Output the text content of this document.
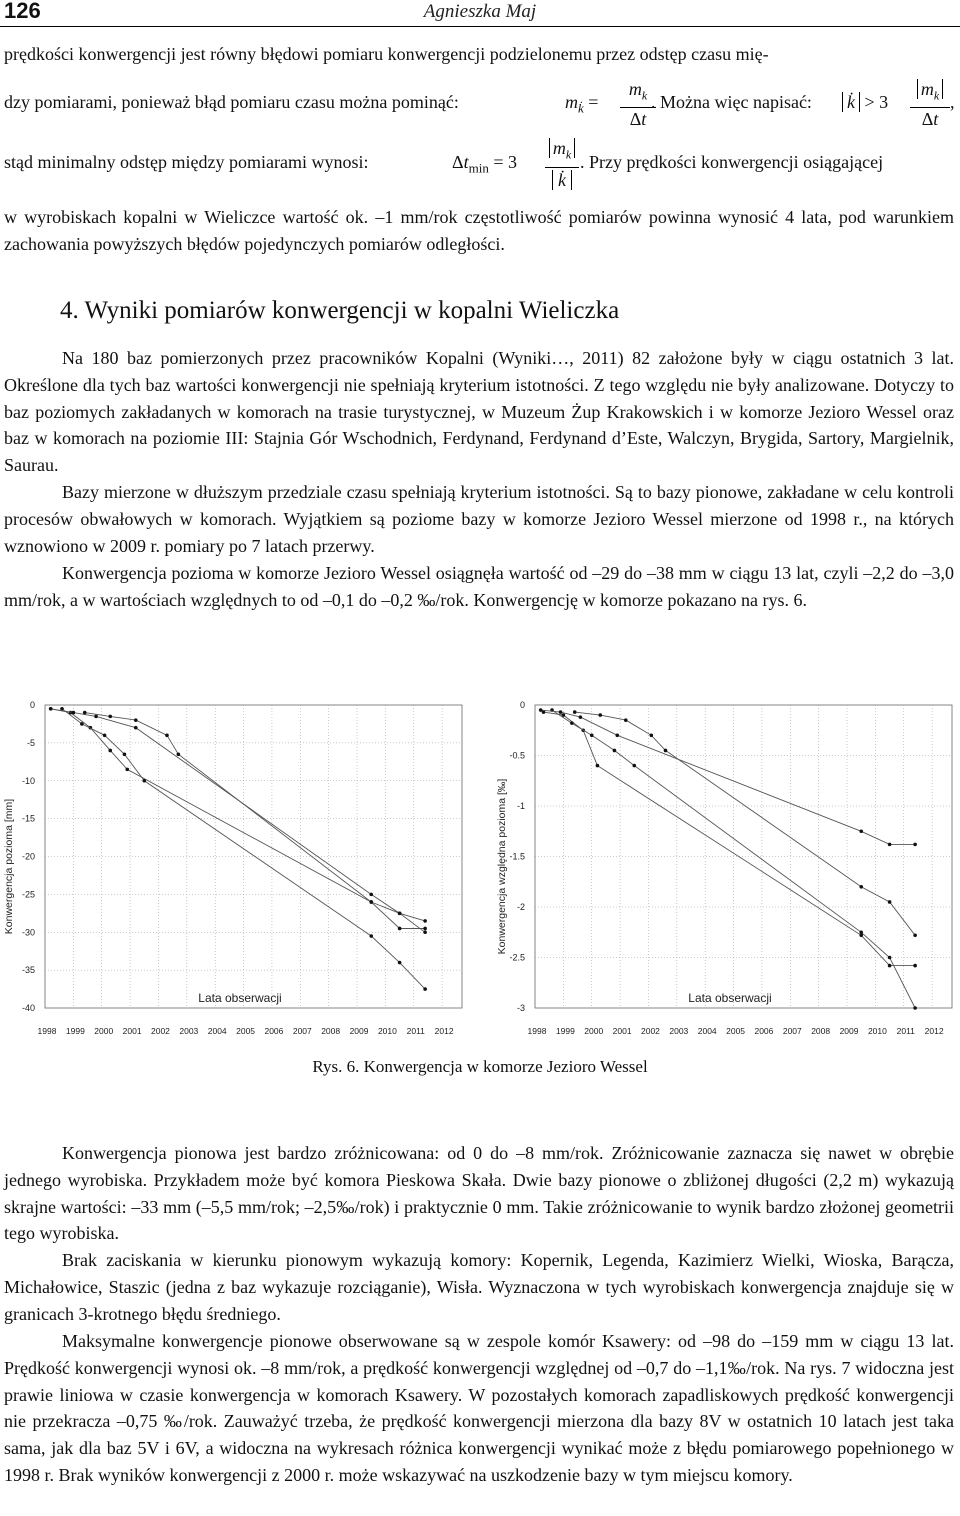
126	Agnieszka Maj
prędkości konwergencji jest równy błędowi pomiaru konwergencji podzielonemu przez odstęp czasu mię-
dzy pomiarami, ponieważ błąd pomiaru czasu można pominąć:	$m_{k̇} = \frac{m_k}{\Delta t}$
. Można więc napisać: k̇ > $3 \frac{m_k}{\Delta t}$ ,
stąd minimalny odstęp między pomiarami wynosi:	$\Delta t_{min} = 3 \frac{m_k}{k̇}$ . Przy prędkości konwergencji osiągającej
w wyrobiskach kopalni w Wieliczce wartość ok. –1 mm/rok częstotliwość pomiarów powinna wynosić 4 lata, pod warunkiem zachowania powyższych błędów pojedynczych pomiarów odległości.
4. Wyniki pomiarów konwergencji w kopalni Wieliczka
Na 180 baz pomierzonych przez pracowników Kopalni (Wyniki…, 2011) 82 założone były w ciągu ostatnich 3 lat. Określone dla tych baz wartości konwergencji nie spełniają kryterium istotności. Z tego względu nie były analizowane. Dotyczy to baz poziomych zakładanych w komorach na trasie turystycznej, w Muzeum Żup Krakowskich i w komorze Jezioro Wessel oraz baz w komorach na poziomie III: Stajnia Gór Wschodnich, Ferdynand, Ferdynand d’Este, Walczyn, Brygida, Sartory, Margielnik, Saurau.
Bazy mierzone w dłuższym przedziale czasu spełniają kryterium istotności. Są to bazy pionowe, zakładane w celu kontroli procesów obwałowych w komorach. Wyjątkiem są poziome bazy w komorze Jezioro Wessel mierzone od 1998 r., na których wznowiono w 2009 r. pomiary po 7 latach przerwy.
Konwergencja pozioma w komorze Jezioro Wessel osiągnęła wartość od –29 do –38 mm w ciągu 13 lat, czyli –2,2 do –3,0 mm/rok, a w wartościach względnych to od –0,1 do –0,2 ‰/rok. Konwergencję w komorze pokazano na rys. 6.
0
-5
-10
-15
-20
-25
-30
-35
-40
1998 1999 2000 2001 2002 2003 2004 2005 2006 2007 2008 2009 2010 2011 2012
Konwergencja pozioma [mm]
Lata obserwacji
0
-0.5
-1
-1.5
-2
-2.5
-3
1998 1999 2000 2001 2002 2003 2004 2005 2006 2007 2008 2009 2010 2011 2012
Konwergencja względna pozioma [‰]
Lata obserwacji
Rys. 6. Konwergencja w komorze Jezioro Wessel
Konwergencja pionowa jest bardzo zróżnicowana: od 0 do –8 mm/rok. Zróżnicowanie zaznacza się nawet w obrębie jednego wyrobiska. Przykładem może być komora Pieskowa Skała. Dwie bazy pionowe o zbliżonej długości (2,2 m) wykazują skrajne wartości: –33 mm (–5,5 mm/rok; –2,5‰/rok) i praktycznie 0 mm. Takie zróżnicowanie to wynik bardzo złożonej geometrii tego wyrobiska.
Brak zaciskania w kierunku pionowym wykazują komory: Kopernik, Legenda, Kazimierz Wielki, Wioska, Barącza, Michałowice, Staszic (jedna z baz wykazuje rozciąganie), Wisła. Wyznaczona w tych wyrobiskach konwergencja znajduje się w granicach 3-krotnego błędu średniego.
Maksymalne konwergencje pionowe obserwowane są w zespole komór Ksawery: od –98 do –159 mm w ciągu 13 lat. Prędkość konwergencji wynosi ok. –8 mm/rok, a prędkość konwergencji względnej od –0,7 do –1,1‰/rok. Na rys. 7 widoczna jest prawie liniowa w czasie konwergencja w komorach Ksawery. W pozostałych komorach zapadliskowych prędkość konwergencji nie przekracza –0,75 ‰/rok. Zauważyć trzeba, że prędkość konwergencji mierzona dla bazy 8V w ostatnich 10 latach jest taka sama, jak dla baz 5V i 6V, a widoczna na wykresach różnica konwergencji wynikać może z błędu pomiarowego popełnionego w 1998 r. Brak wyników konwergencji z 2000 r. może wskazywać na uszkodzenie bazy w tym miejscu komory.
